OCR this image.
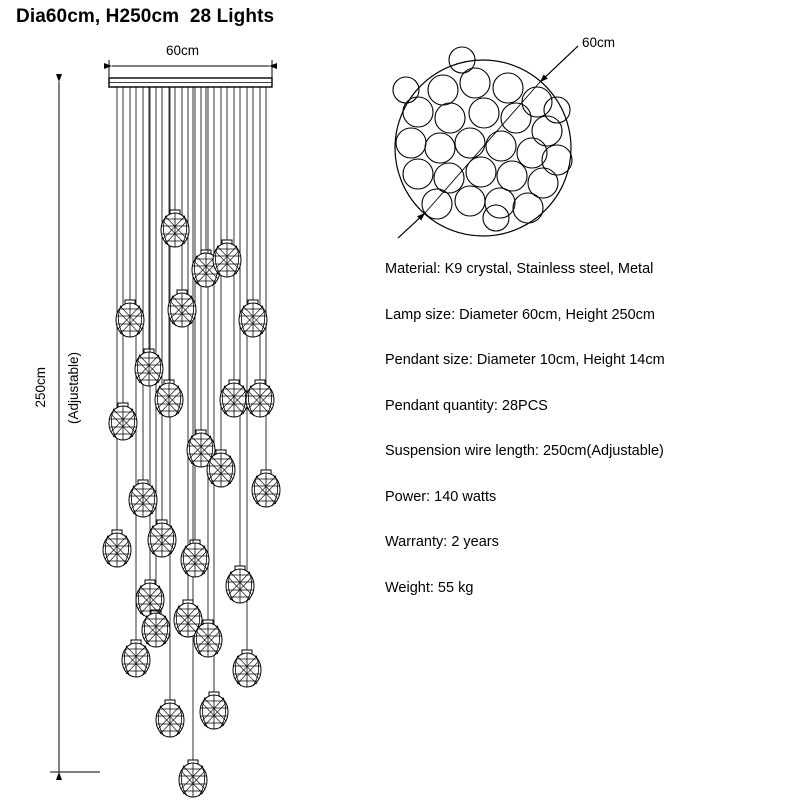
Dia60cm, H250cm  28 Lights
60cm
60cm
250cm (Adjustable)
Material: K9 crystal, Stainless steel, Metal
Lamp size: Diameter 60cm, Height 250cm
Pendant size: Diameter 10cm, Height 14cm
Pendant quantity: 28PCS
Suspension wire length: 250cm(Adjustable)
Power: 140 watts
Warranty: 2 years
Weight: 55 kg
